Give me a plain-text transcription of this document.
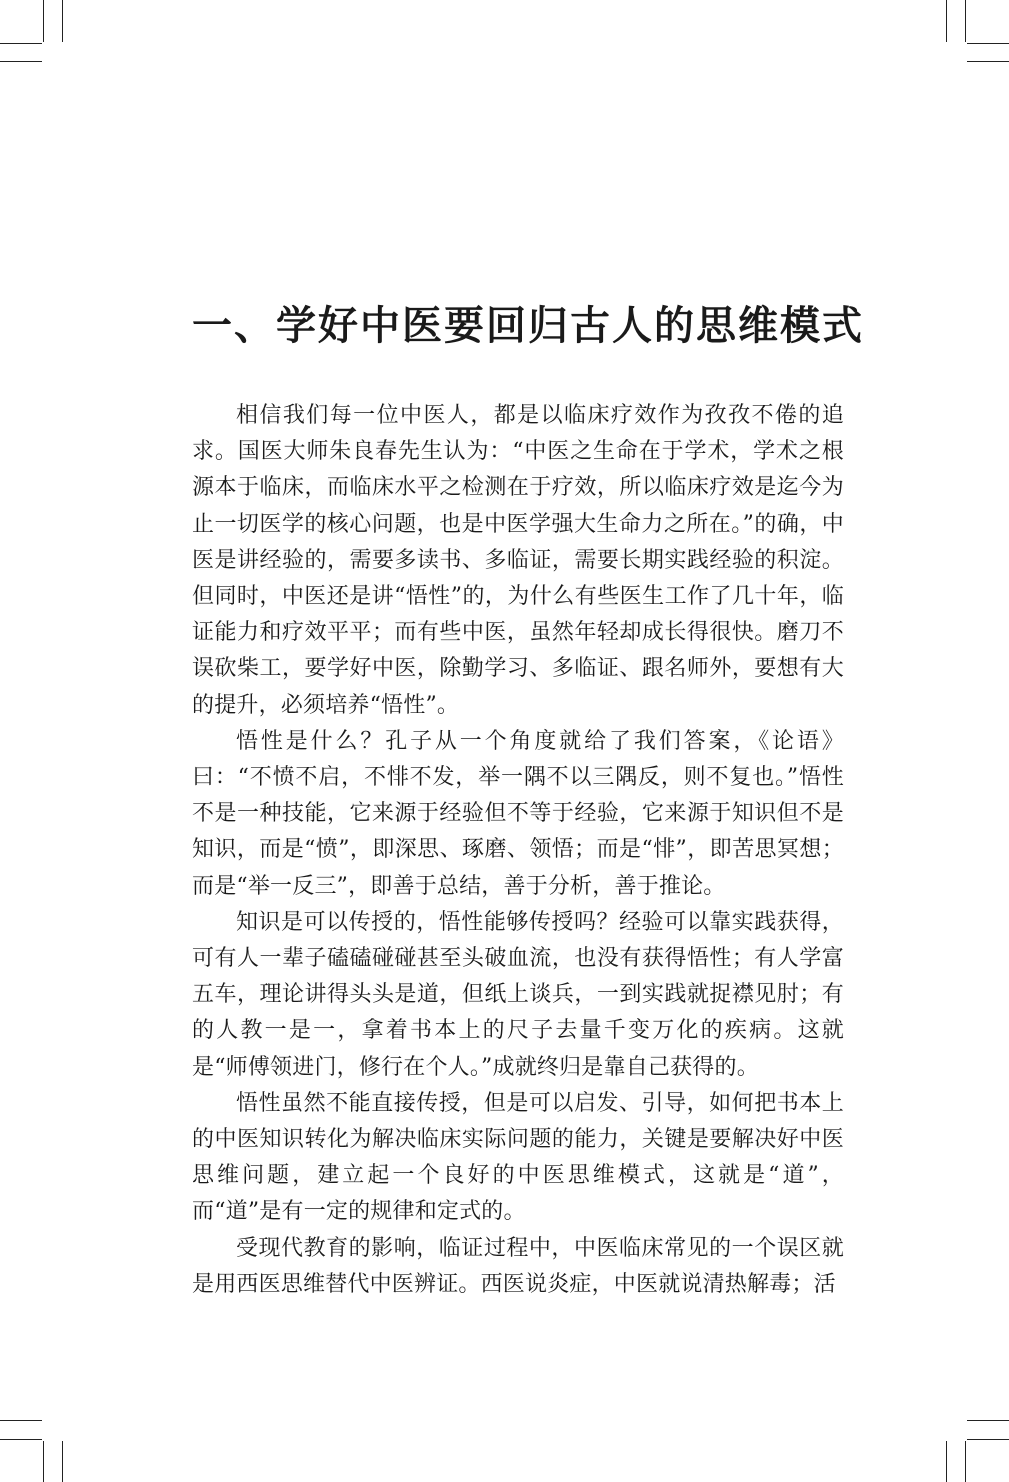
一、学好中医要回归古人的思维模式

相信我们每一位中医人，都是以临床疗效作为孜孜不倦的追求。国医大师朱良春先生认为：“中医之生命在于学术，学术之根源本于临床，而临床水平之检测在于疗效，所以临床疗效是迄今为止一切医学的核心问题，也是中医学强大生命力之所在。”的确，中医是讲经验的，需要多读书、多临证，需要长期实践经验的积淀。但同时，中医还是讲“悟性”的，为什么有些医生工作了几十年，临证能力和疗效平平；而有些中医，虽然年轻却成长得很快。磨刀不误砍柴工，要学好中医，除勤学习、多临证、跟名师外，要想有大的提升，必须培养“悟性”。

悟性是什么？孔子从一个角度就给了我们答案，《论语》曰：“不愤不启，不悱不发，举一隅不以三隅反，则不复也。”悟性不是一种技能，它来源于经验但不等于经验，它来源于知识但不是知识，而是“愤”，即深思、琢磨、领悟；而是“悱”，即苦思冥想；而是“举一反三”，即善于总结，善于分析，善于推论。

知识是可以传授的，悟性能够传授吗？经验可以靠实践获得，可有人一辈子磕磕碰碰甚至头破血流，也没有获得悟性；有人学富五车，理论讲得头头是道，但纸上谈兵，一到实践就捉襟见肘；有的人教一是一，拿着书本上的尺子去量千变万化的疾病。这就是“师傅领进门，修行在个人。”成就终归是靠自己获得的。

悟性虽然不能直接传授，但是可以启发、引导，如何把书本上的中医知识转化为解决临床实际问题的能力，关键是要解决好中医思维问题，建立起一个良好的中医思维模式，这就是“道”，而“道”是有一定的规律和定式的。

受现代教育的影响，临证过程中，中医临床常见的一个误区就是用西医思维替代中医辨证。西医说炎症，中医就说清热解毒；活
